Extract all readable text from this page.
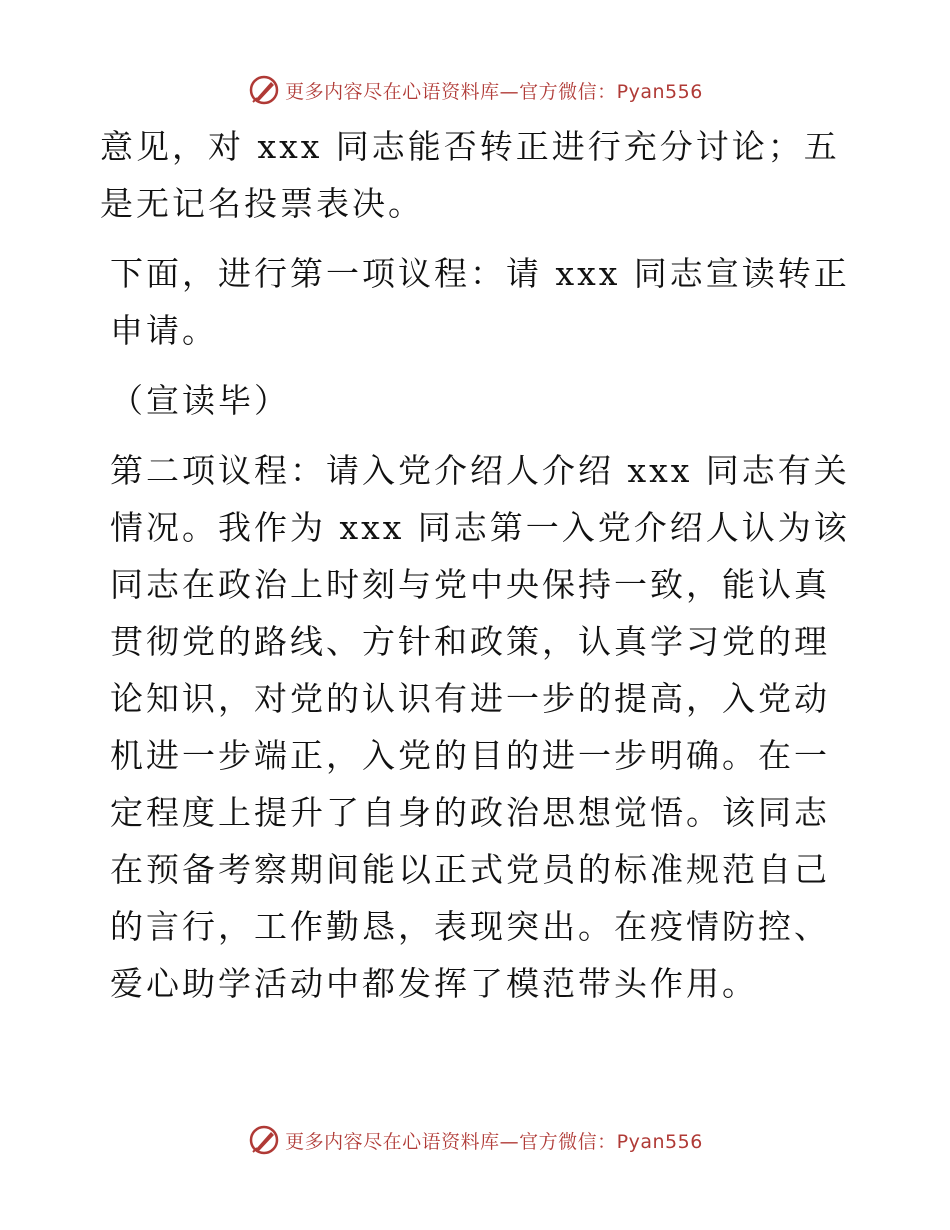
更多内容尽在心语资料库—官方微信：Pyan556

意见，对 xxx 同志能否转正进行充分讨论；五是无记名投票表决。

下面，进行第一项议程：请 xxx 同志宣读转正申请。

（宣读毕）

第二项议程：请入党介绍人介绍 xxx 同志有关情况。我作为 xxx 同志第一入党介绍人认为该同志在政治上时刻与党中央保持一致，能认真贯彻党的路线、方针和政策，认真学习党的理论知识，对党的认识有进一步的提高，入党动机进一步端正，入党的目的进一步明确。在一定程度上提升了自身的政治思想觉悟。该同志在预备考察期间能以正式党员的标准规范自己的言行，工作勤恳，表现突出。在疫情防控、爱心助学活动中都发挥了模范带头作用。

更多内容尽在心语资料库—官方微信：Pyan556
